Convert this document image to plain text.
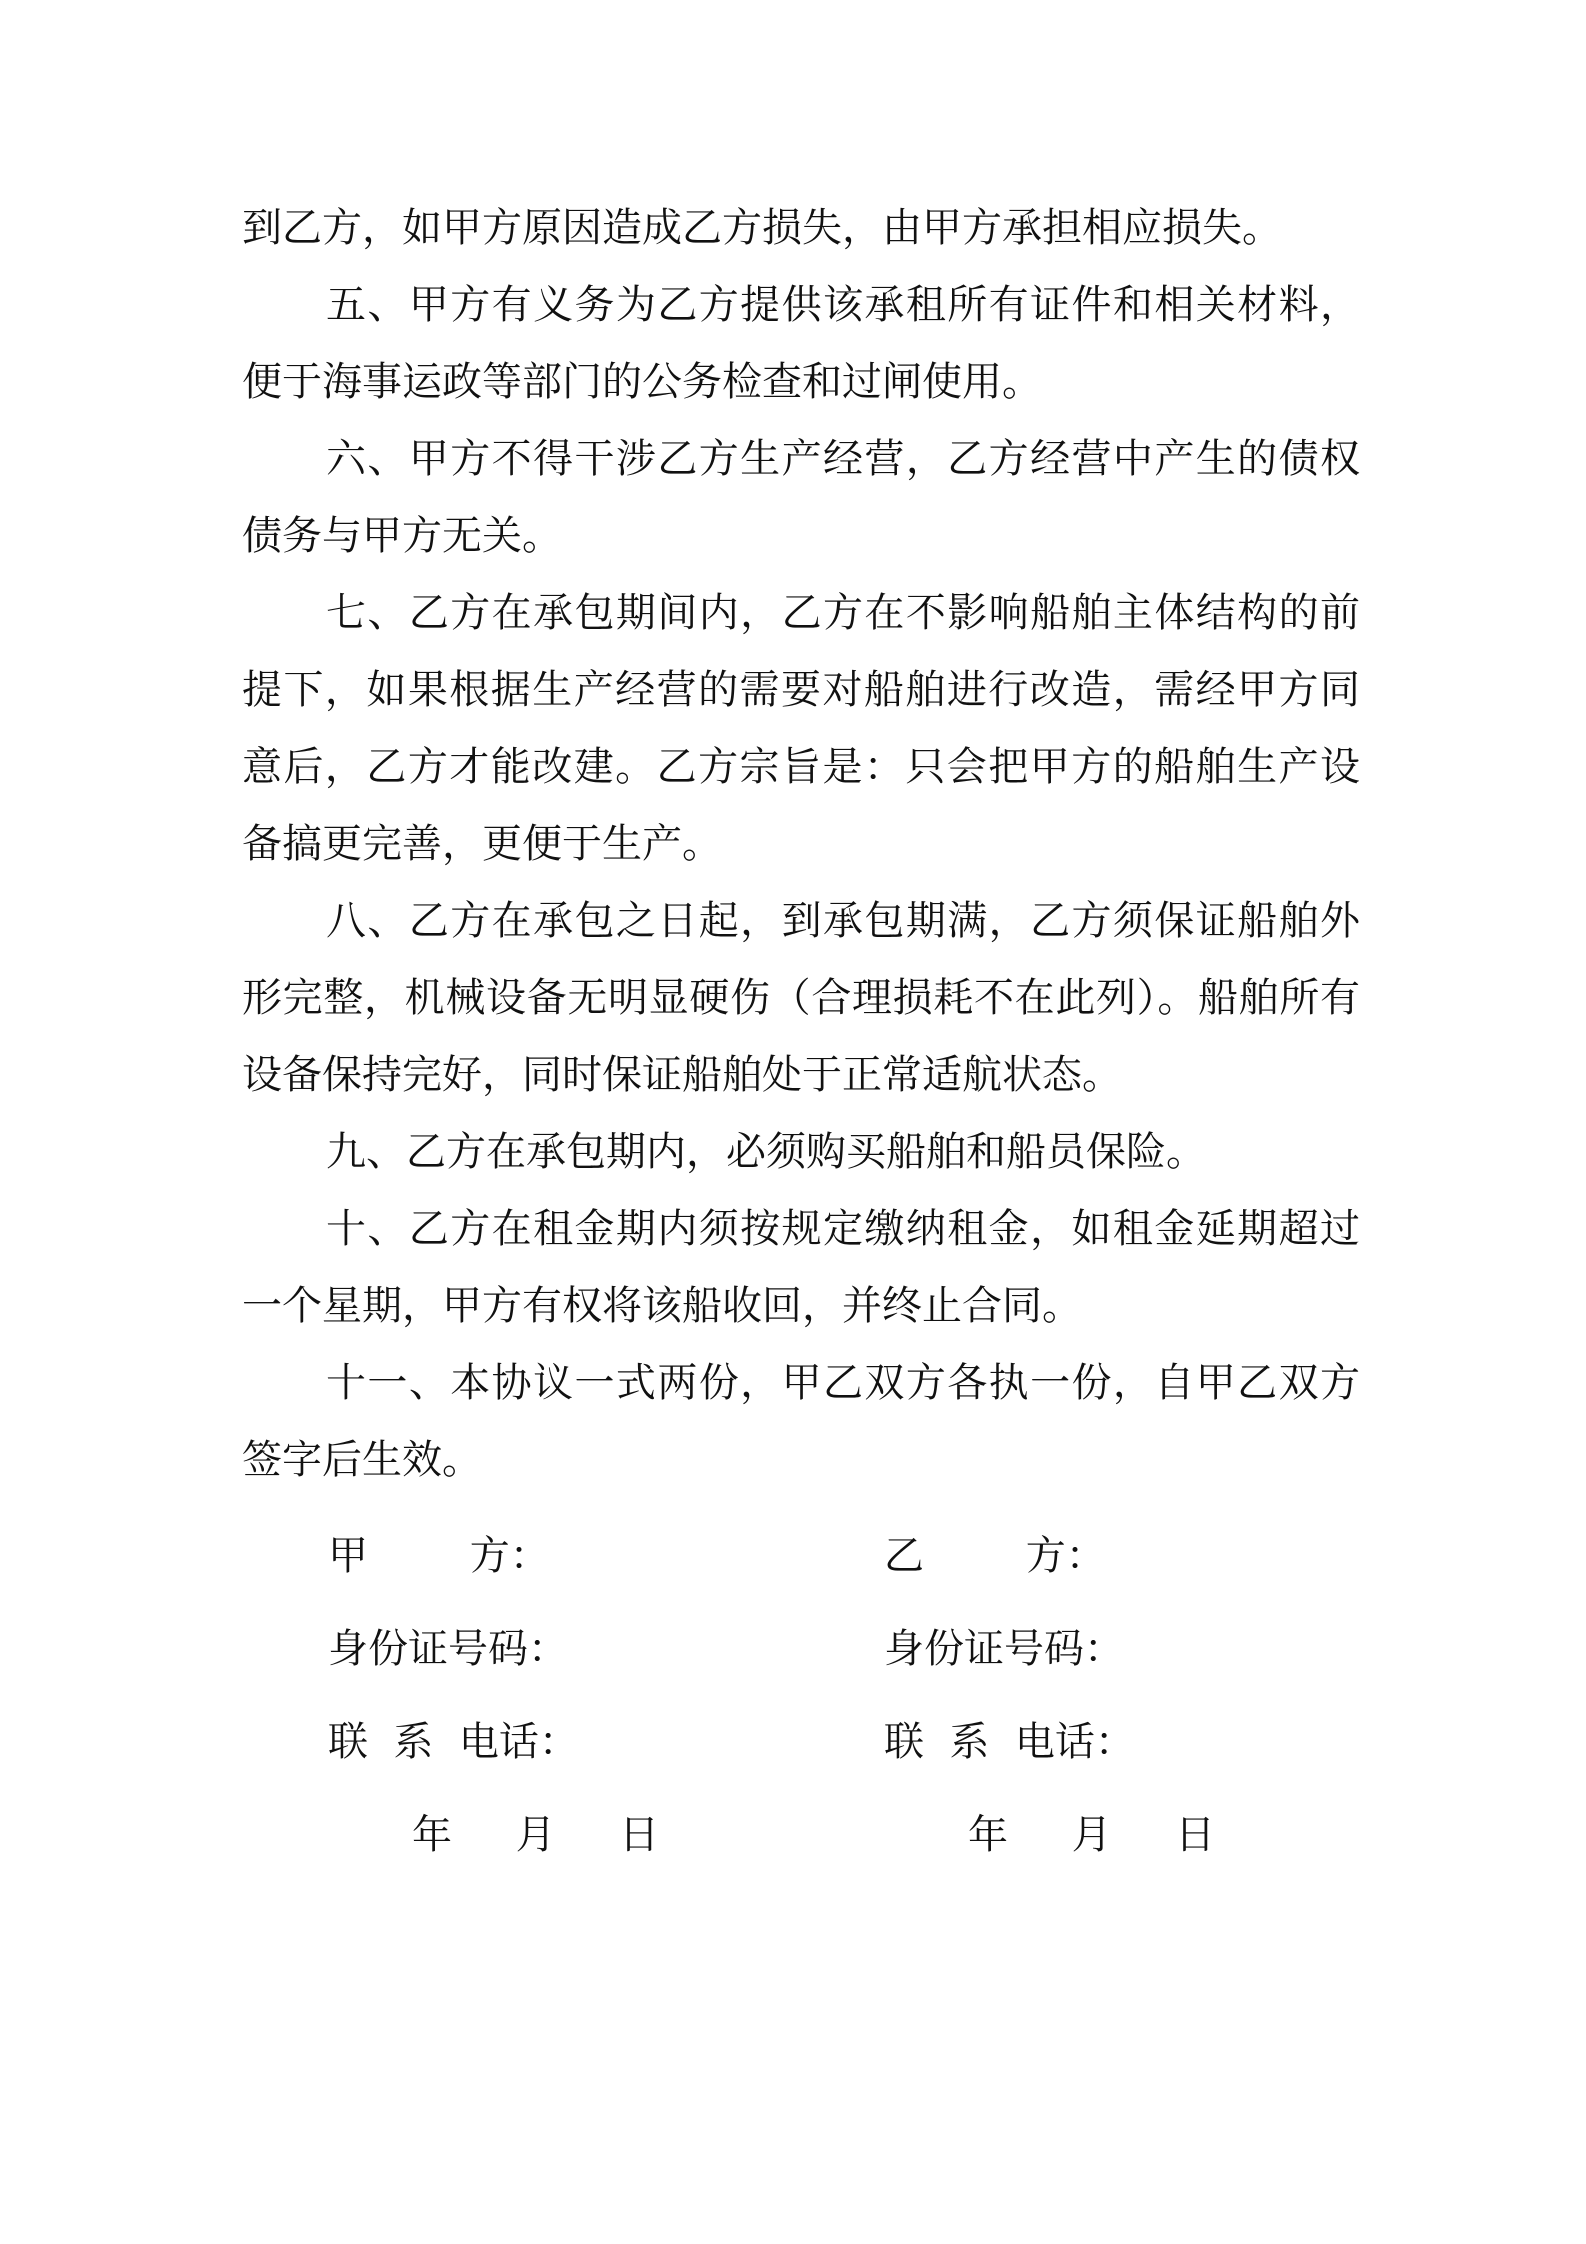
到乙方，如甲方原因造成乙方损失，由甲方承担相应损失。

五、甲方有义务为乙方提供该承租所有证件和相关材料，便于海事运政等部门的公务检查和过闸使用。

六、甲方不得干涉乙方生产经营，乙方经营中产生的债权债务与甲方无关。

七、乙方在承包期间内，乙方在不影响船舶主体结构的前提下，如果根据生产经营的需要对船舶进行改造，需经甲方同意后，乙方才能改建。乙方宗旨是：只会把甲方的船舶生产设备搞更完善，更便于生产。

八、乙方在承包之日起，到承包期满，乙方须保证船舶外形完整，机械设备无明显硬伤（合理损耗不在此列）。船舶所有设备保持完好，同时保证船舶处于正常适航状态。

九、乙方在承包期内，必须购买船舶和船员保险。

十、乙方在租金期内须按规定缴纳租金，如租金延期超过一个星期，甲方有权将该船收回，并终止合同。

十一、本协议一式两份，甲乙双方各执一份，自甲乙双方签字后生效。

甲        方：
身份证号码：
联  系  电话：
年     月     日
乙        方：
身份证号码：
联  系  电话：
年     月     日
